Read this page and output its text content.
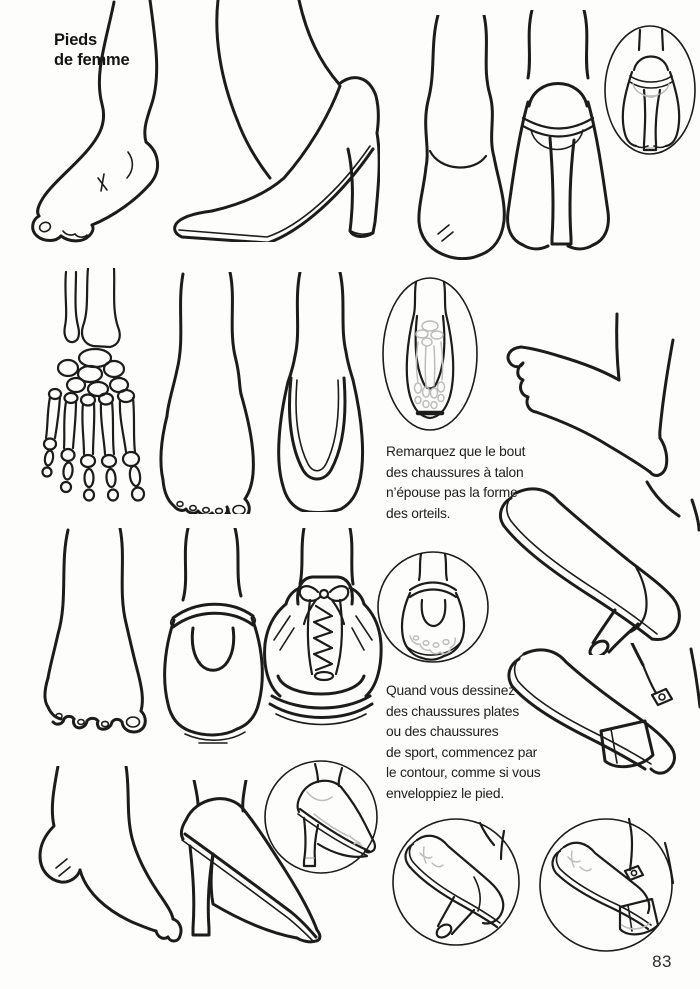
Pieds
de femme
Remarquez que le bout
des chaussures à talon
n’épouse pas la forme
des orteils.
Quand vous dessinez
des chaussures plates
ou des chaussures
de sport, commencez par
le contour, comme si vous
enveloppiez le pied.
83
